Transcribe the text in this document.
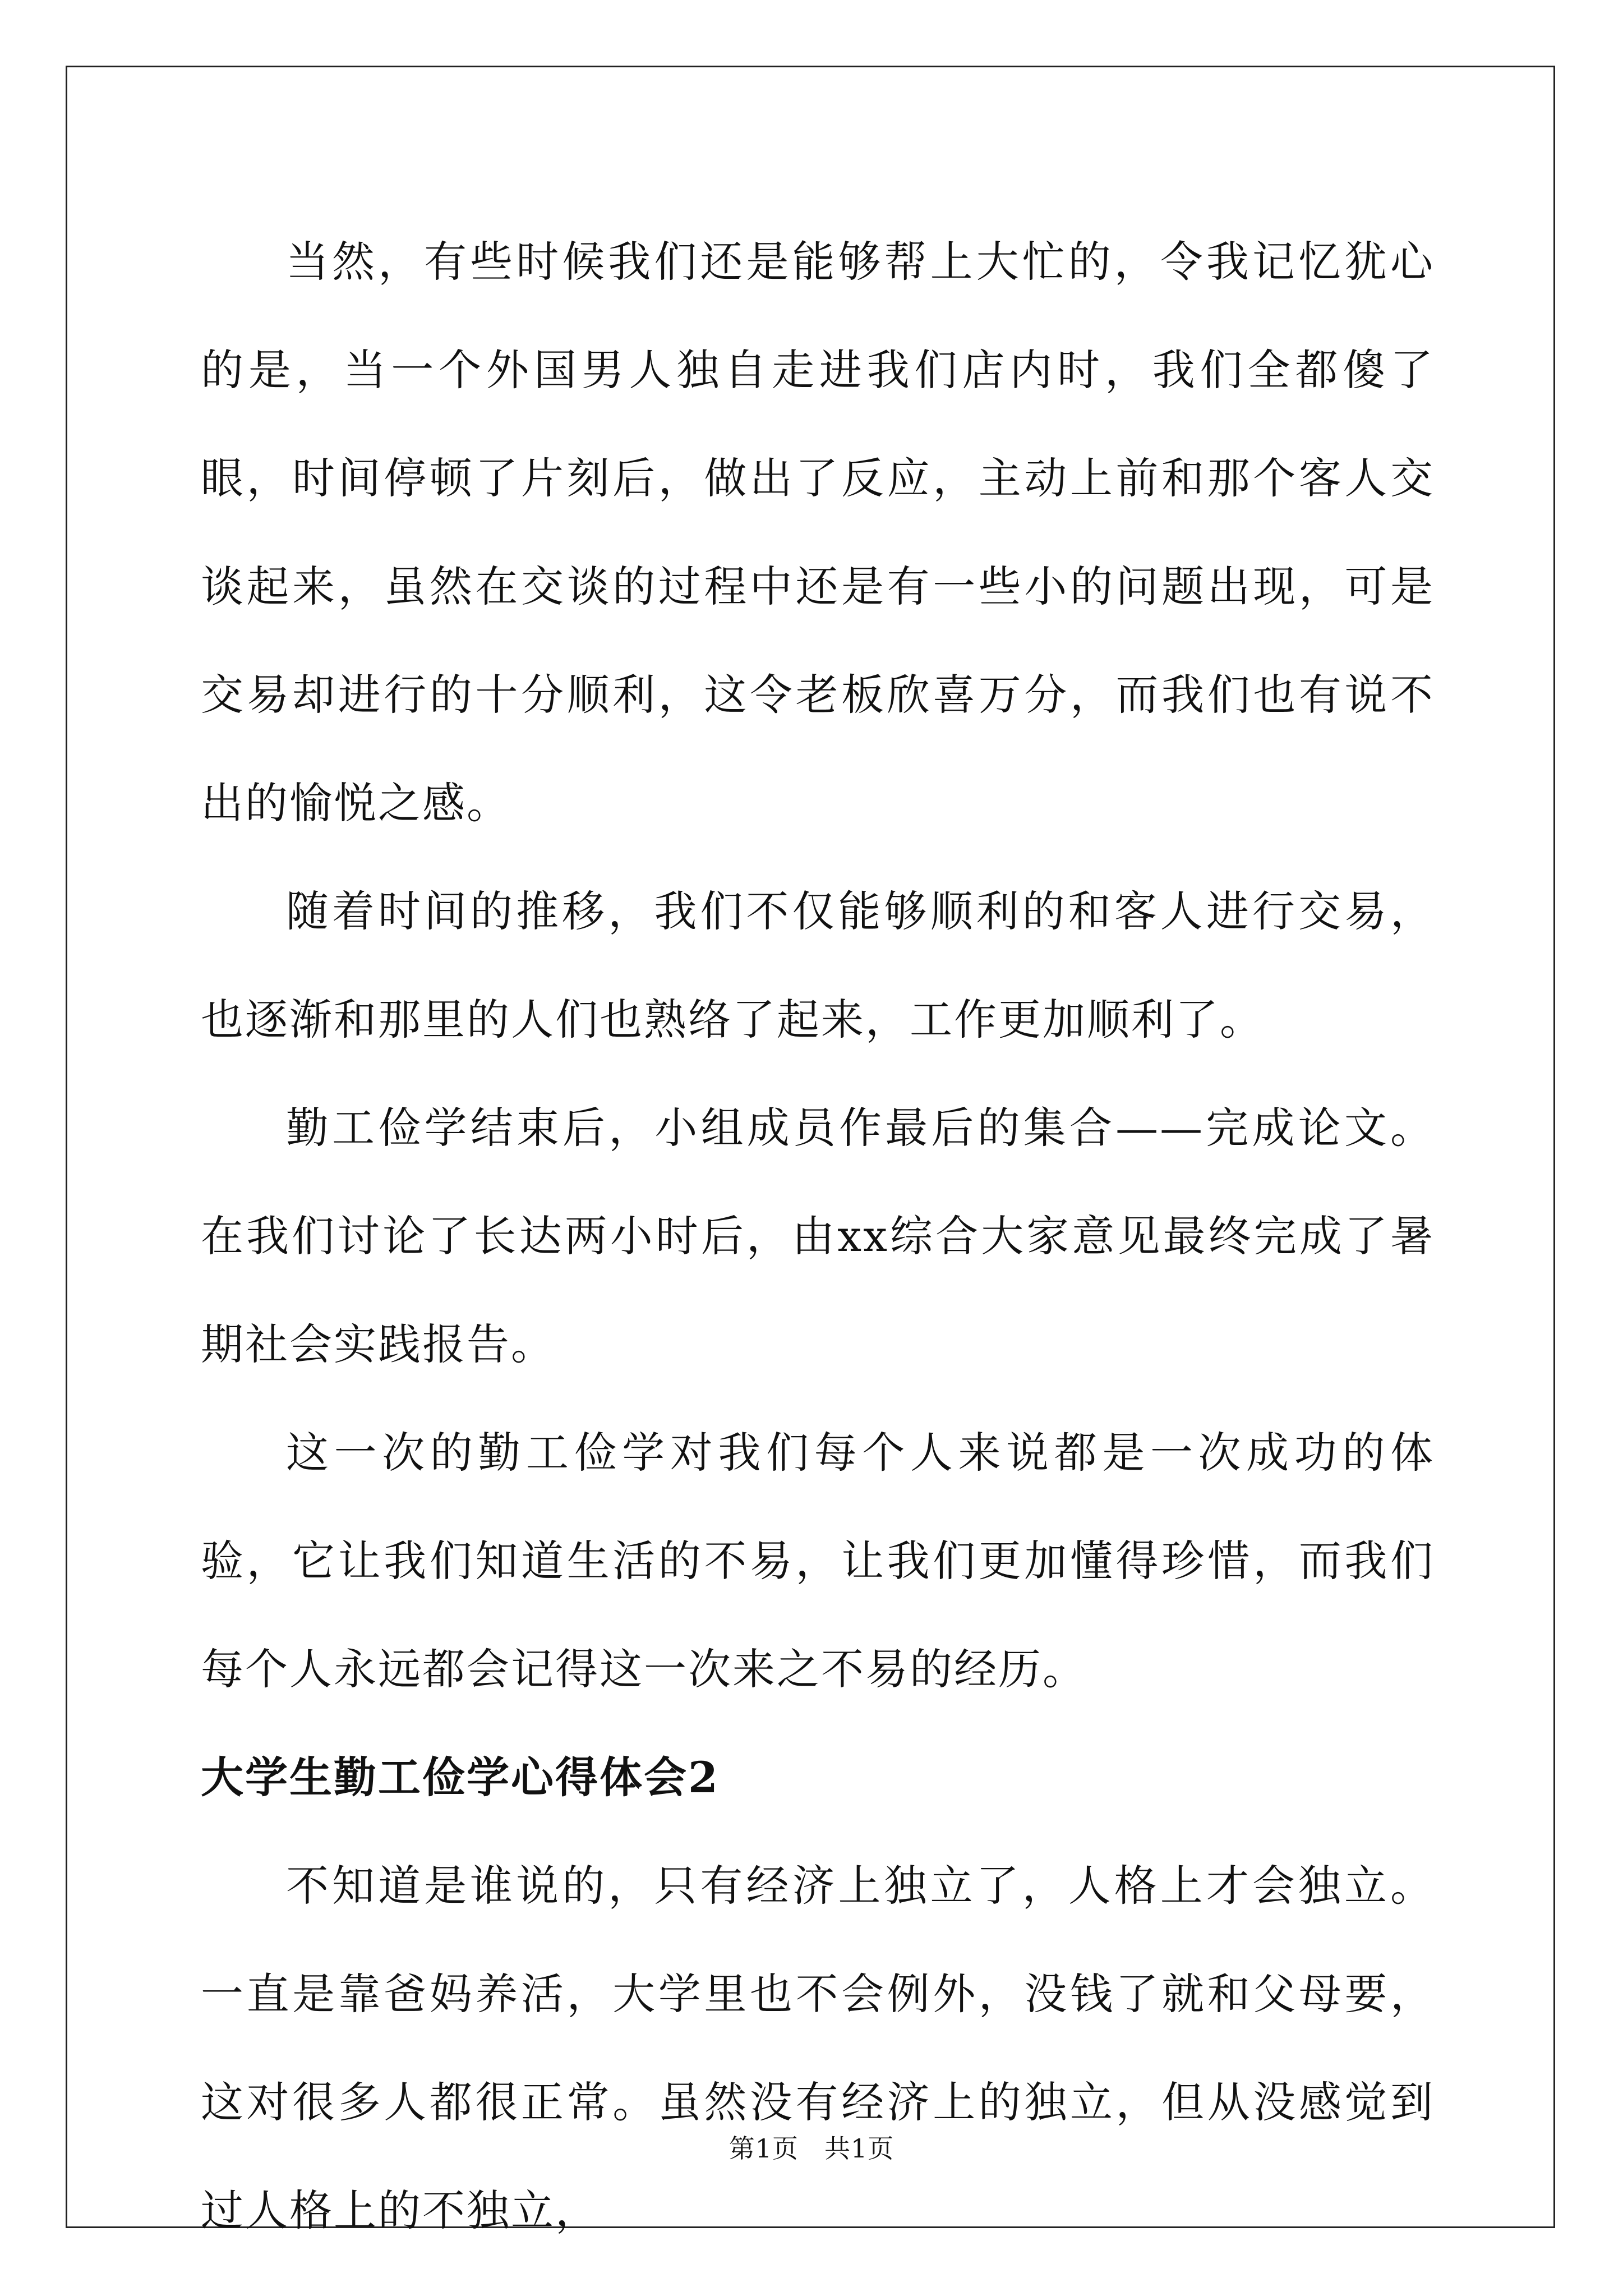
当然，有些时候我们还是能够帮上大忙的，令我记忆犹心的是，当一个外国男人独自走进我们店内时，我们全都傻了眼，时间停顿了片刻后，做出了反应，主动上前和那个客人交谈起来，虽然在交谈的过程中还是有一些小的问题出现，可是交易却进行的十分顺利，这令老板欣喜万分，而我们也有说不出的愉悦之感。

随着时间的推移，我们不仅能够顺利的和客人进行交易，也逐渐和那里的人们也熟络了起来，工作更加顺利了。

勤工俭学结束后，小组成员作最后的集合——完成论文。在我们讨论了长达两小时后，由xx综合大家意见最终完成了暑期社会实践报告。

这一次的勤工俭学对我们每个人来说都是一次成功的体验，它让我们知道生活的不易，让我们更加懂得珍惜，而我们每个人永远都会记得这一次来之不易的经历。

大学生勤工俭学心得体会2

不知道是谁说的，只有经济上独立了，人格上才会独立。一直是靠爸妈养活，大学里也不会例外，没钱了就和父母要，这对很多人都很正常。虽然没有经济上的独立，但从没感觉到过人格上的不独立，

第1页 共1页
